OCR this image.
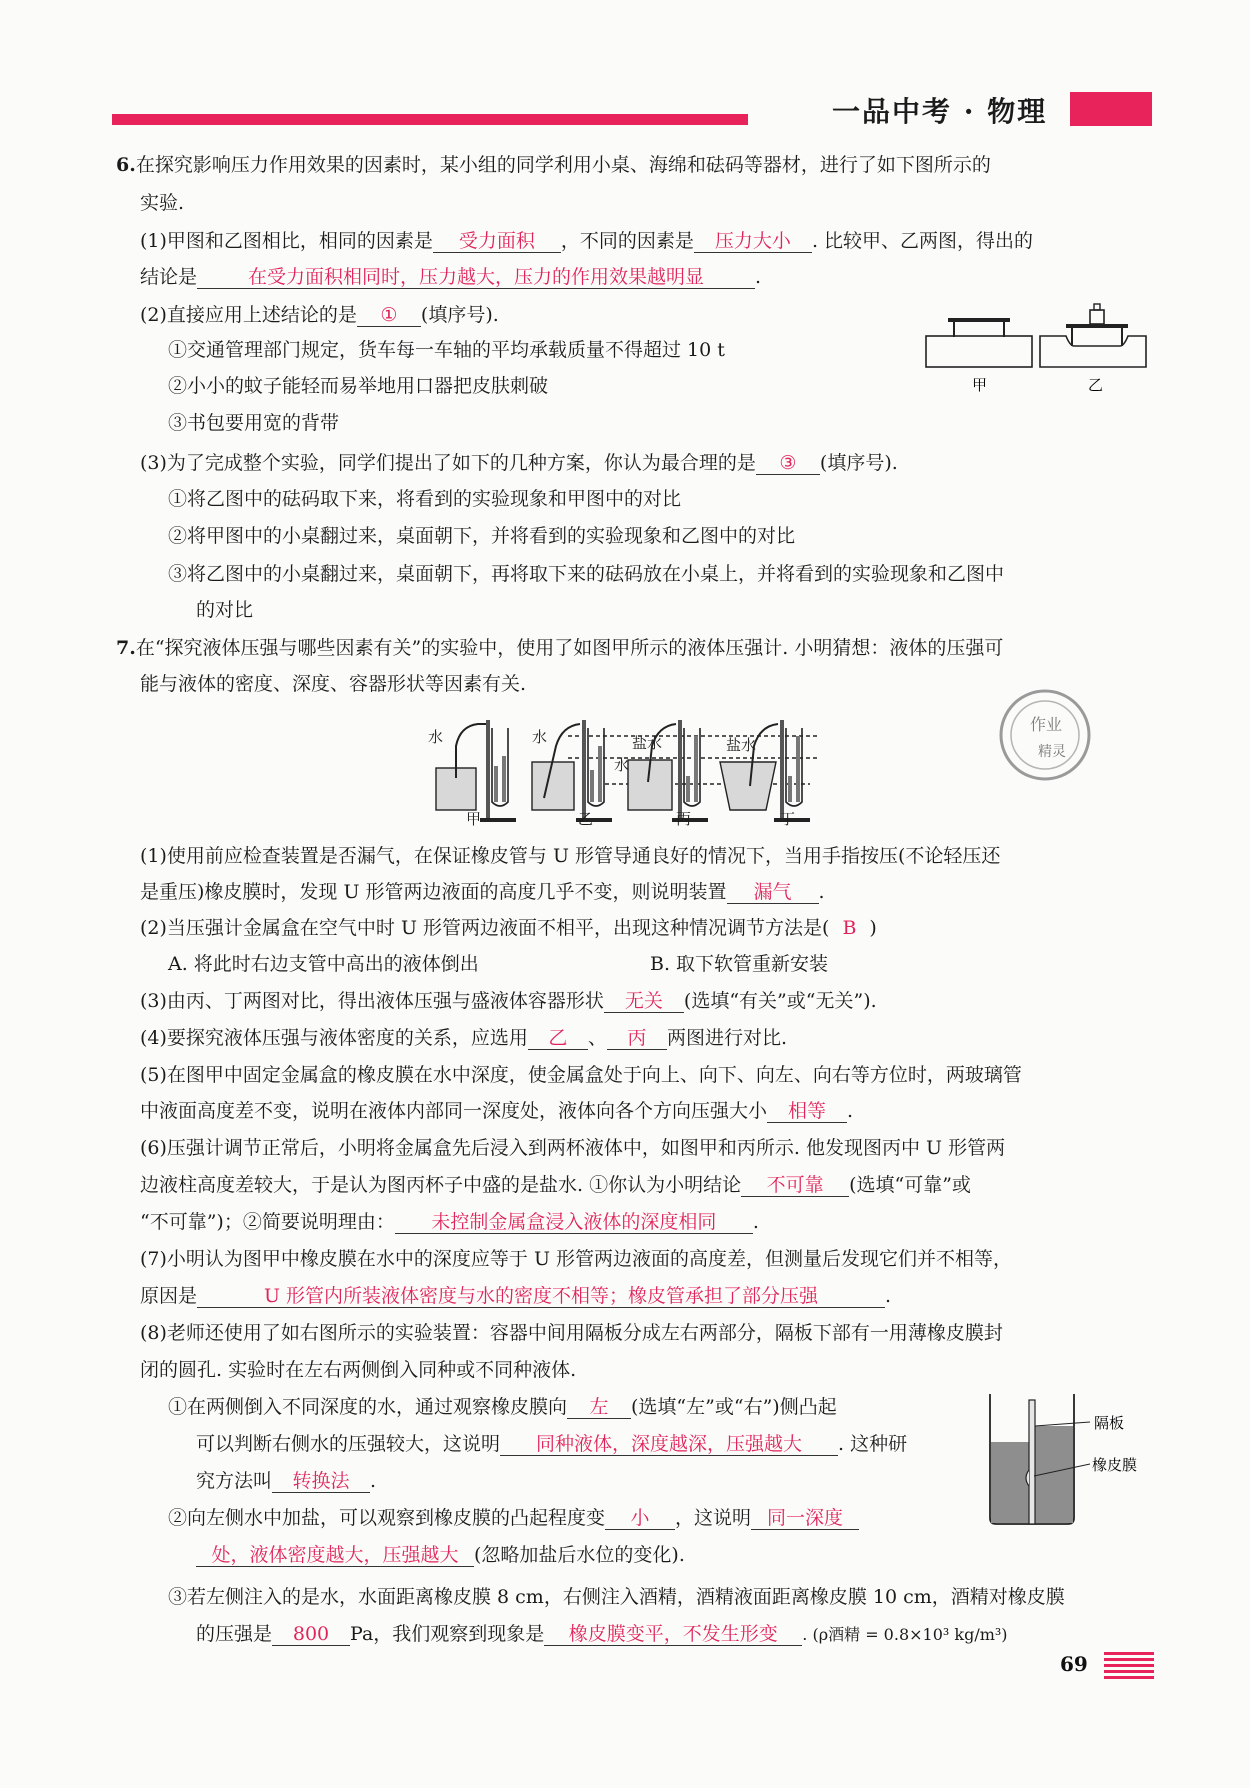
一品中考 · 物理
6.在探究影响压力作用效果的因素时，某小组的同学利用小桌、海绵和砝码等器材，进行了如下图所示的
实验.
(1)甲图和乙图相比，相同的因素是 受力面积 ，不同的因素是 压力大小 . 比较甲、乙两图，得出的
结论是	在受力面积相同时，压力越大，压力的作用效果越明显	.
(2)直接应用上述结论的是 ① (填序号).
①交通管理部门规定，货车每一车轴的平均承载质量不得超过 10 t
②小小的蚊子能轻而易举地用口器把皮肤刺破
③书包要用宽的背带
甲	乙
(3)为了完成整个实验，同学们提出了如下的几种方案，你认为最合理的是 ③ (填序号).
①将乙图中的砝码取下来，将看到的实验现象和甲图中的对比
②将甲图中的小桌翻过来，桌面朝下，并将看到的实验现象和乙图中的对比
③将乙图中的小桌翻过来，桌面朝下，再将取下来的砝码放在小桌上，并将看到的实验现象和乙图中
的对比
7.在“探究液体压强与哪些因素有关”的实验中，使用了如图甲所示的液体压强计. 小明猜想：液体的压强可
能与液体的密度、深度、容器形状等因素有关.
作业
精灵
水	水	盐水
水
盐水
甲	乙	丙	丁
(1)使用前应检查装置是否漏气，在保证橡皮管与 U 形管导通良好的情况下，当用手指按压(不论轻压还
是重压)橡皮膜时，发现 U 形管两边液面的高度几乎不变，则说明装置 漏气 .
(2)当压强计金属盒在空气中时 U 形管两边液面不相平，出现这种情况调节方法是( B )
A. 将此时右边支管中高出的液体倒出	B. 取下软管重新安装
(3)由丙、丁两图对比，得出液体压强与盛液体容器形状 无关 (选填“有关”或“无关”).
(4)要探究液体压强与液体密度的关系，应选用 乙 、 丙 两图进行对比.
(5)在图甲中固定金属盒的橡皮膜在水中深度，使金属盒处于向上、向下、向左、向右等方位时，两玻璃管
中液面高度差不变，说明在液体内部同一深度处，液体向各个方向压强大小 相等 .
(6)压强计调节正常后，小明将金属盒先后浸入到两杯液体中，如图甲和丙所示. 他发现图丙中 U 形管两
边液柱高度差较大，于是认为图丙杯子中盛的是盐水. ①你认为小明结论 不可靠 (选填“可靠”或
“不可靠”)；②简要说明理由： 未控制金属盒浸入液体的深度相同 .
(7)小明认为图甲中橡皮膜在水中的深度应等于 U 形管两边液面的高度差，但测量后发现它们并不相等，
原因是	U 形管内所装液体密度与水的密度不相等；橡皮管承担了部分压强	.
(8)老师还使用了如右图所示的实验装置：容器中间用隔板分成左右两部分，隔板下部有一用薄橡皮膜封
闭的圆孔. 实验时在左右两侧倒入同种或不同种液体.
①在两侧倒入不同深度的水，通过观察橡皮膜向 左 (选填“左”或“右”)侧凸起
可以判断右侧水的压强较大，这说明 同种液体，深度越深，压强越大 . 这种研
究方法叫 转换法 .
②向左侧水中加盐，可以观察到橡皮膜的凸起程度变 小 ，这说明 同一深度
处，液体密度越大，压强越大 (忽略加盐后水位的变化).
③若左侧注入的是水，水面距离橡皮膜 8 cm，右侧注入酒精，酒精液面距离橡皮膜 10 cm，酒精对橡皮膜
的压强是 800 Pa，我们观察到现象是 橡皮膜变平，不发生形变 . (ρ酒精 = 0.8×10³ kg/m³)
隔板
橡皮膜
69
